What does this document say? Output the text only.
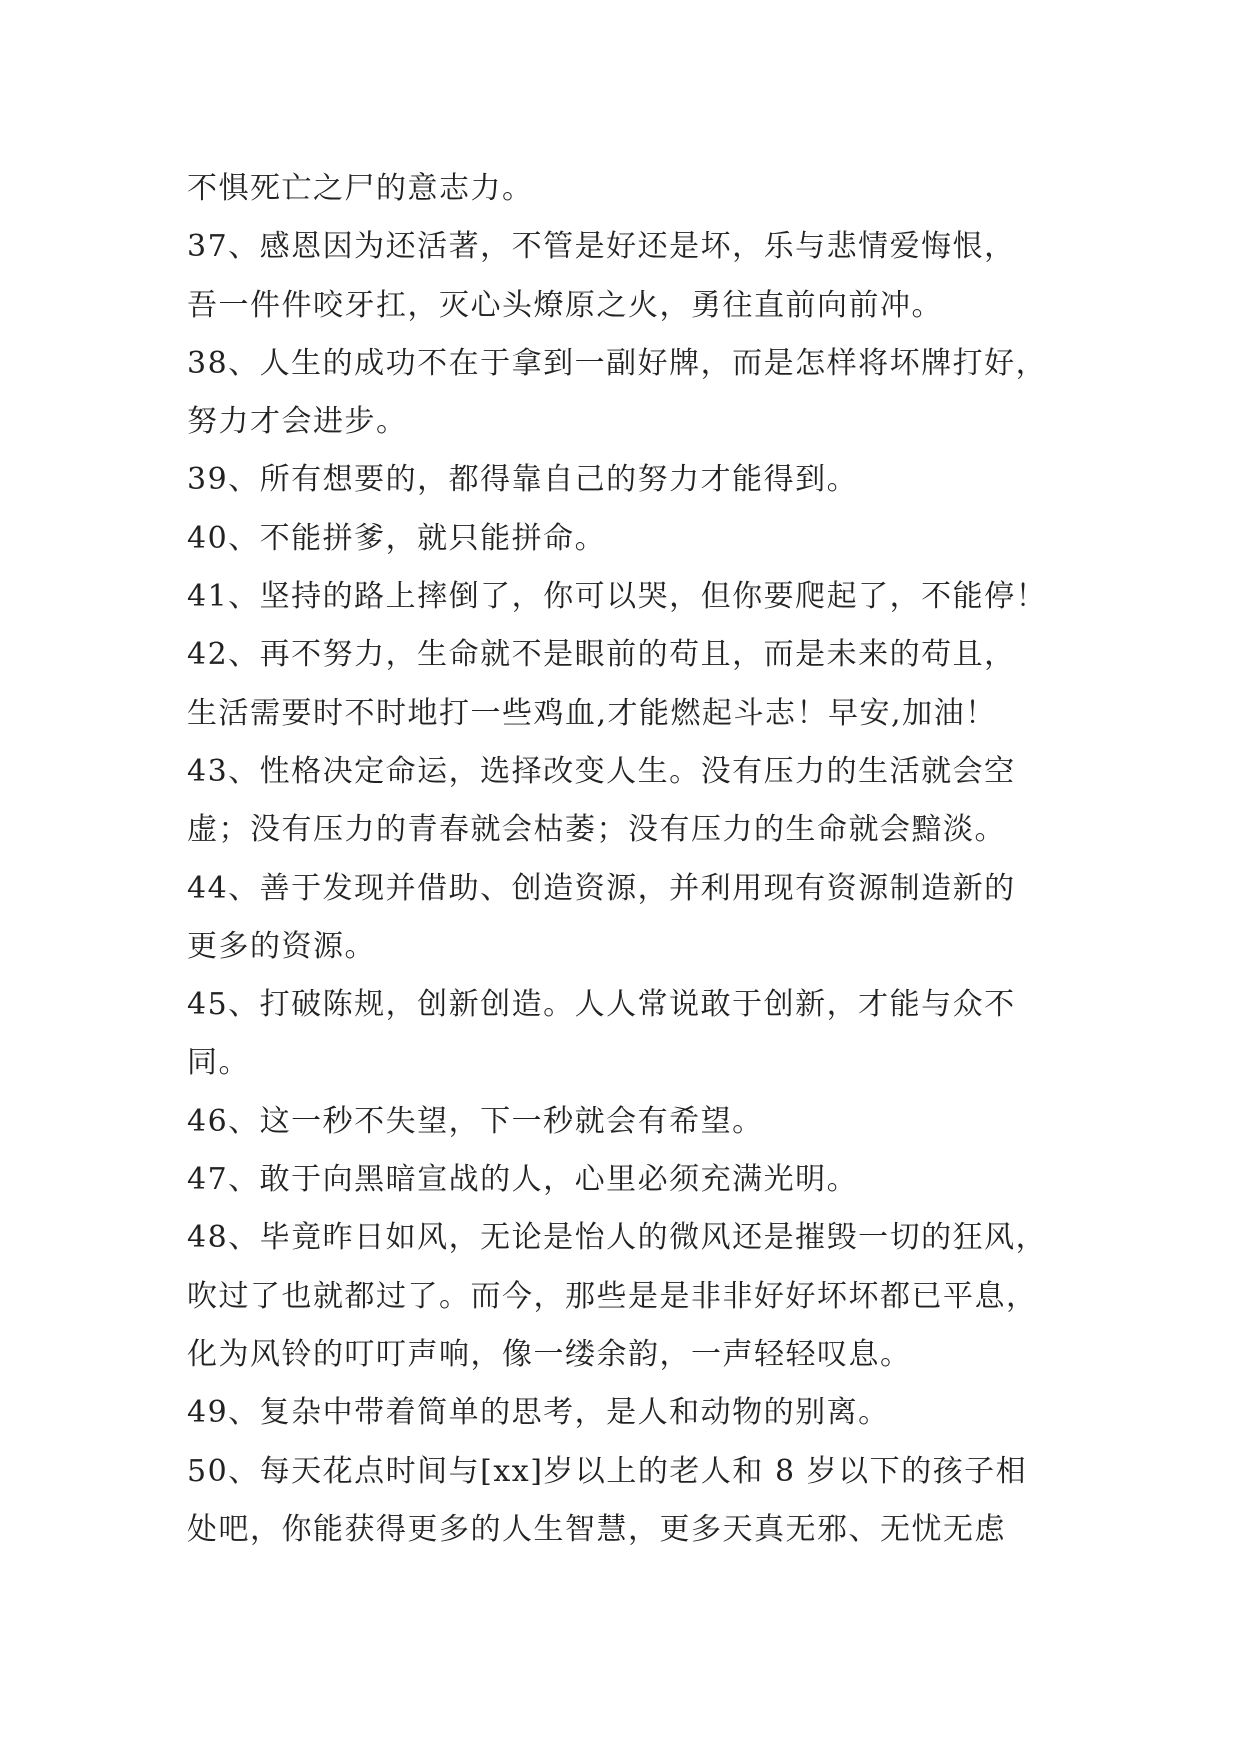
不惧死亡之尸的意志力。
37、感恩因为还活著，不管是好还是坏，乐与悲情爱悔恨，
吾一件件咬牙扛，灭心头燎原之火，勇往直前向前冲。
38、人生的成功不在于拿到一副好牌，而是怎样将坏牌打好，
努力才会进步。
39、所有想要的，都得靠自己的努力才能得到。
40、不能拼爹，就只能拼命。
41、坚持的路上摔倒了，你可以哭，但你要爬起了，不能停！
42、再不努力，生命就不是眼前的苟且，而是未来的苟且，
生活需要时不时地打一些鸡血,才能燃起斗志！早安,加油！
43、性格决定命运，选择改变人生。没有压力的生活就会空
虚；没有压力的青春就会枯萎；没有压力的生命就会黯淡。
44、善于发现并借助、创造资源，并利用现有资源制造新的
更多的资源。
45、打破陈规，创新创造。人人常说敢于创新，才能与众不
同。
46、这一秒不失望，下一秒就会有希望。
47、敢于向黑暗宣战的人，心里必须充满光明。
48、毕竟昨日如风，无论是怡人的微风还是摧毁一切的狂风，
吹过了也就都过了。而今，那些是是非非好好坏坏都已平息，
化为风铃的叮叮声响，像一缕余韵，一声轻轻叹息。
49、复杂中带着简单的思考，是人和动物的别离。
50、每天花点时间与[xx]岁以上的老人和 8 岁以下的孩子相
处吧，你能获得更多的人生智慧，更多天真无邪、无忧无虑
